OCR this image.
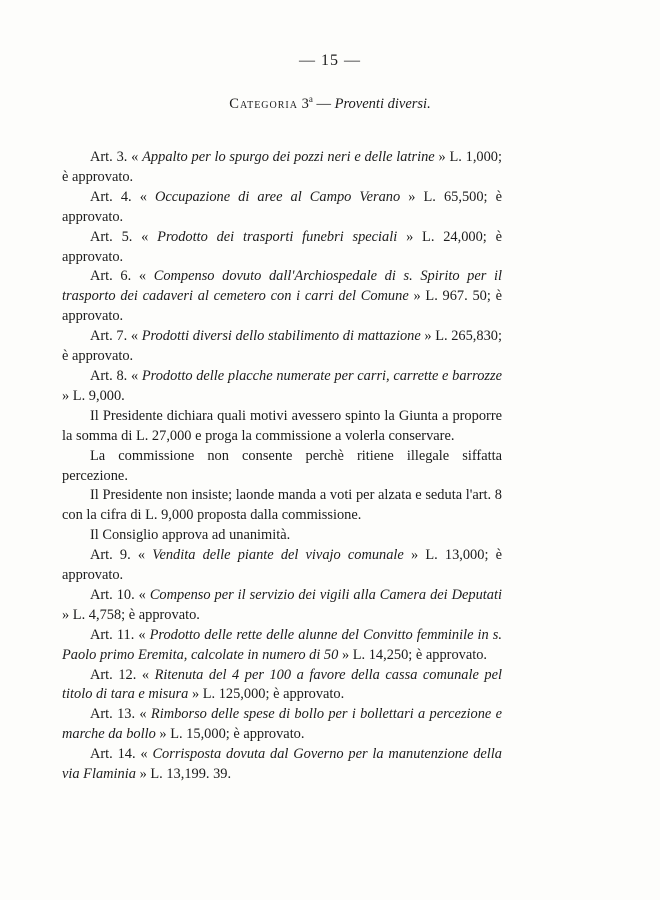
— 15 —
Categoria 3$^a$ — Proventi diversi.

Art. 3. « Appalto per lo spurgo dei pozzi neri e delle latrine » L. 1,000; è approvato.

Art. 4. « Occupazione di aree al Campo Verano » L. 65,500; è approvato.

Art. 5. « Prodotto dei trasporti funebri speciali » L. 24,000; è approvato.

Art. 6. « Compenso dovuto dall'Archiospedale di s. Spirito per il trasporto dei cadaveri al cemetero con i carri del Comune » L. 967. 50; è approvato.

Art. 7. « Prodotti diversi dello stabilimento di mattazione » L. 265,830; è approvato.

Art. 8. « Prodotto delle placche numerate per carri, carrette e barrozze » L. 9,000.

Il Presidente dichiara quali motivi avessero spinto la Giunta a proporre la somma di L. 27,000 e proga la commissione a volerla conservare.

La commissione non consente perchè ritiene illegale siffatta percezione.

Il Presidente non insiste; laonde manda a voti per alzata e seduta l'art. 8 con la cifra di L. 9,000 proposta dalla commissione.

Il Consiglio approva ad unanimità.

Art. 9. « Vendita delle piante del vivajo comunale » L. 13,000; è approvato.

Art. 10. « Compenso per il servizio dei vigili alla Camera dei Deputati » L. 4,758; è approvato.

Art. 11. « Prodotto delle rette delle alunne del Convitto femminile in s. Paolo primo Eremita, calcolate in numero di 50 » L. 14,250; è approvato.

Art. 12. « Ritenuta del 4 per 100 a favore della cassa comunale pel titolo di tara e misura » L. 125,000; è approvato.

Art. 13. « Rimborso delle spese di bollo per i bollettari a percezione e marche da bollo » L. 15,000; è approvato.

Art. 14. « Corrisposta dovuta dal Governo per la manutenzione della via Flaminia » L. 13,199. 39.
